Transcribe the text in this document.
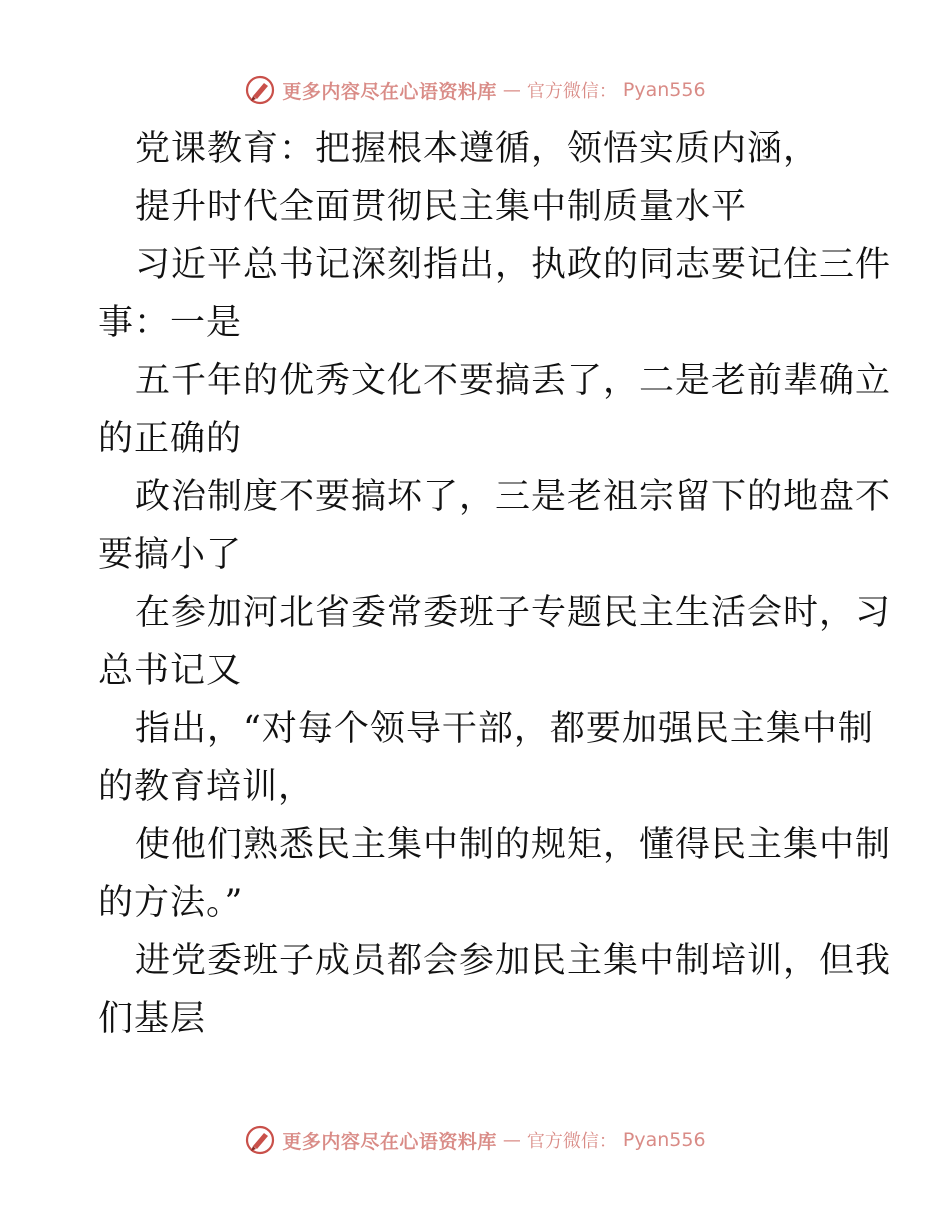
更多内容尽在心语资料库 — 官方微信： Pyan556
党课教育：把握根本遵循，领悟实质内涵，
提升时代全面贯彻民主集中制质量水平
习近平总书记深刻指出，执政的同志要记住三件
事：一是
五千年的优秀文化不要搞丢了，二是老前辈确立
的正确的
政治制度不要搞坏了，三是老祖宗留下的地盘不
要搞小了
在参加河北省委常委班子专题民主生活会时，习
总书记又
指出，“对每个领导干部，都要加强民主集中制
的教育培训，
使他们熟悉民主集中制的规矩，懂得民主集中制
的方法。”
进党委班子成员都会参加民主集中制培训，但我
们基层
更多内容尽在心语资料库 — 官方微信： Pyan556
